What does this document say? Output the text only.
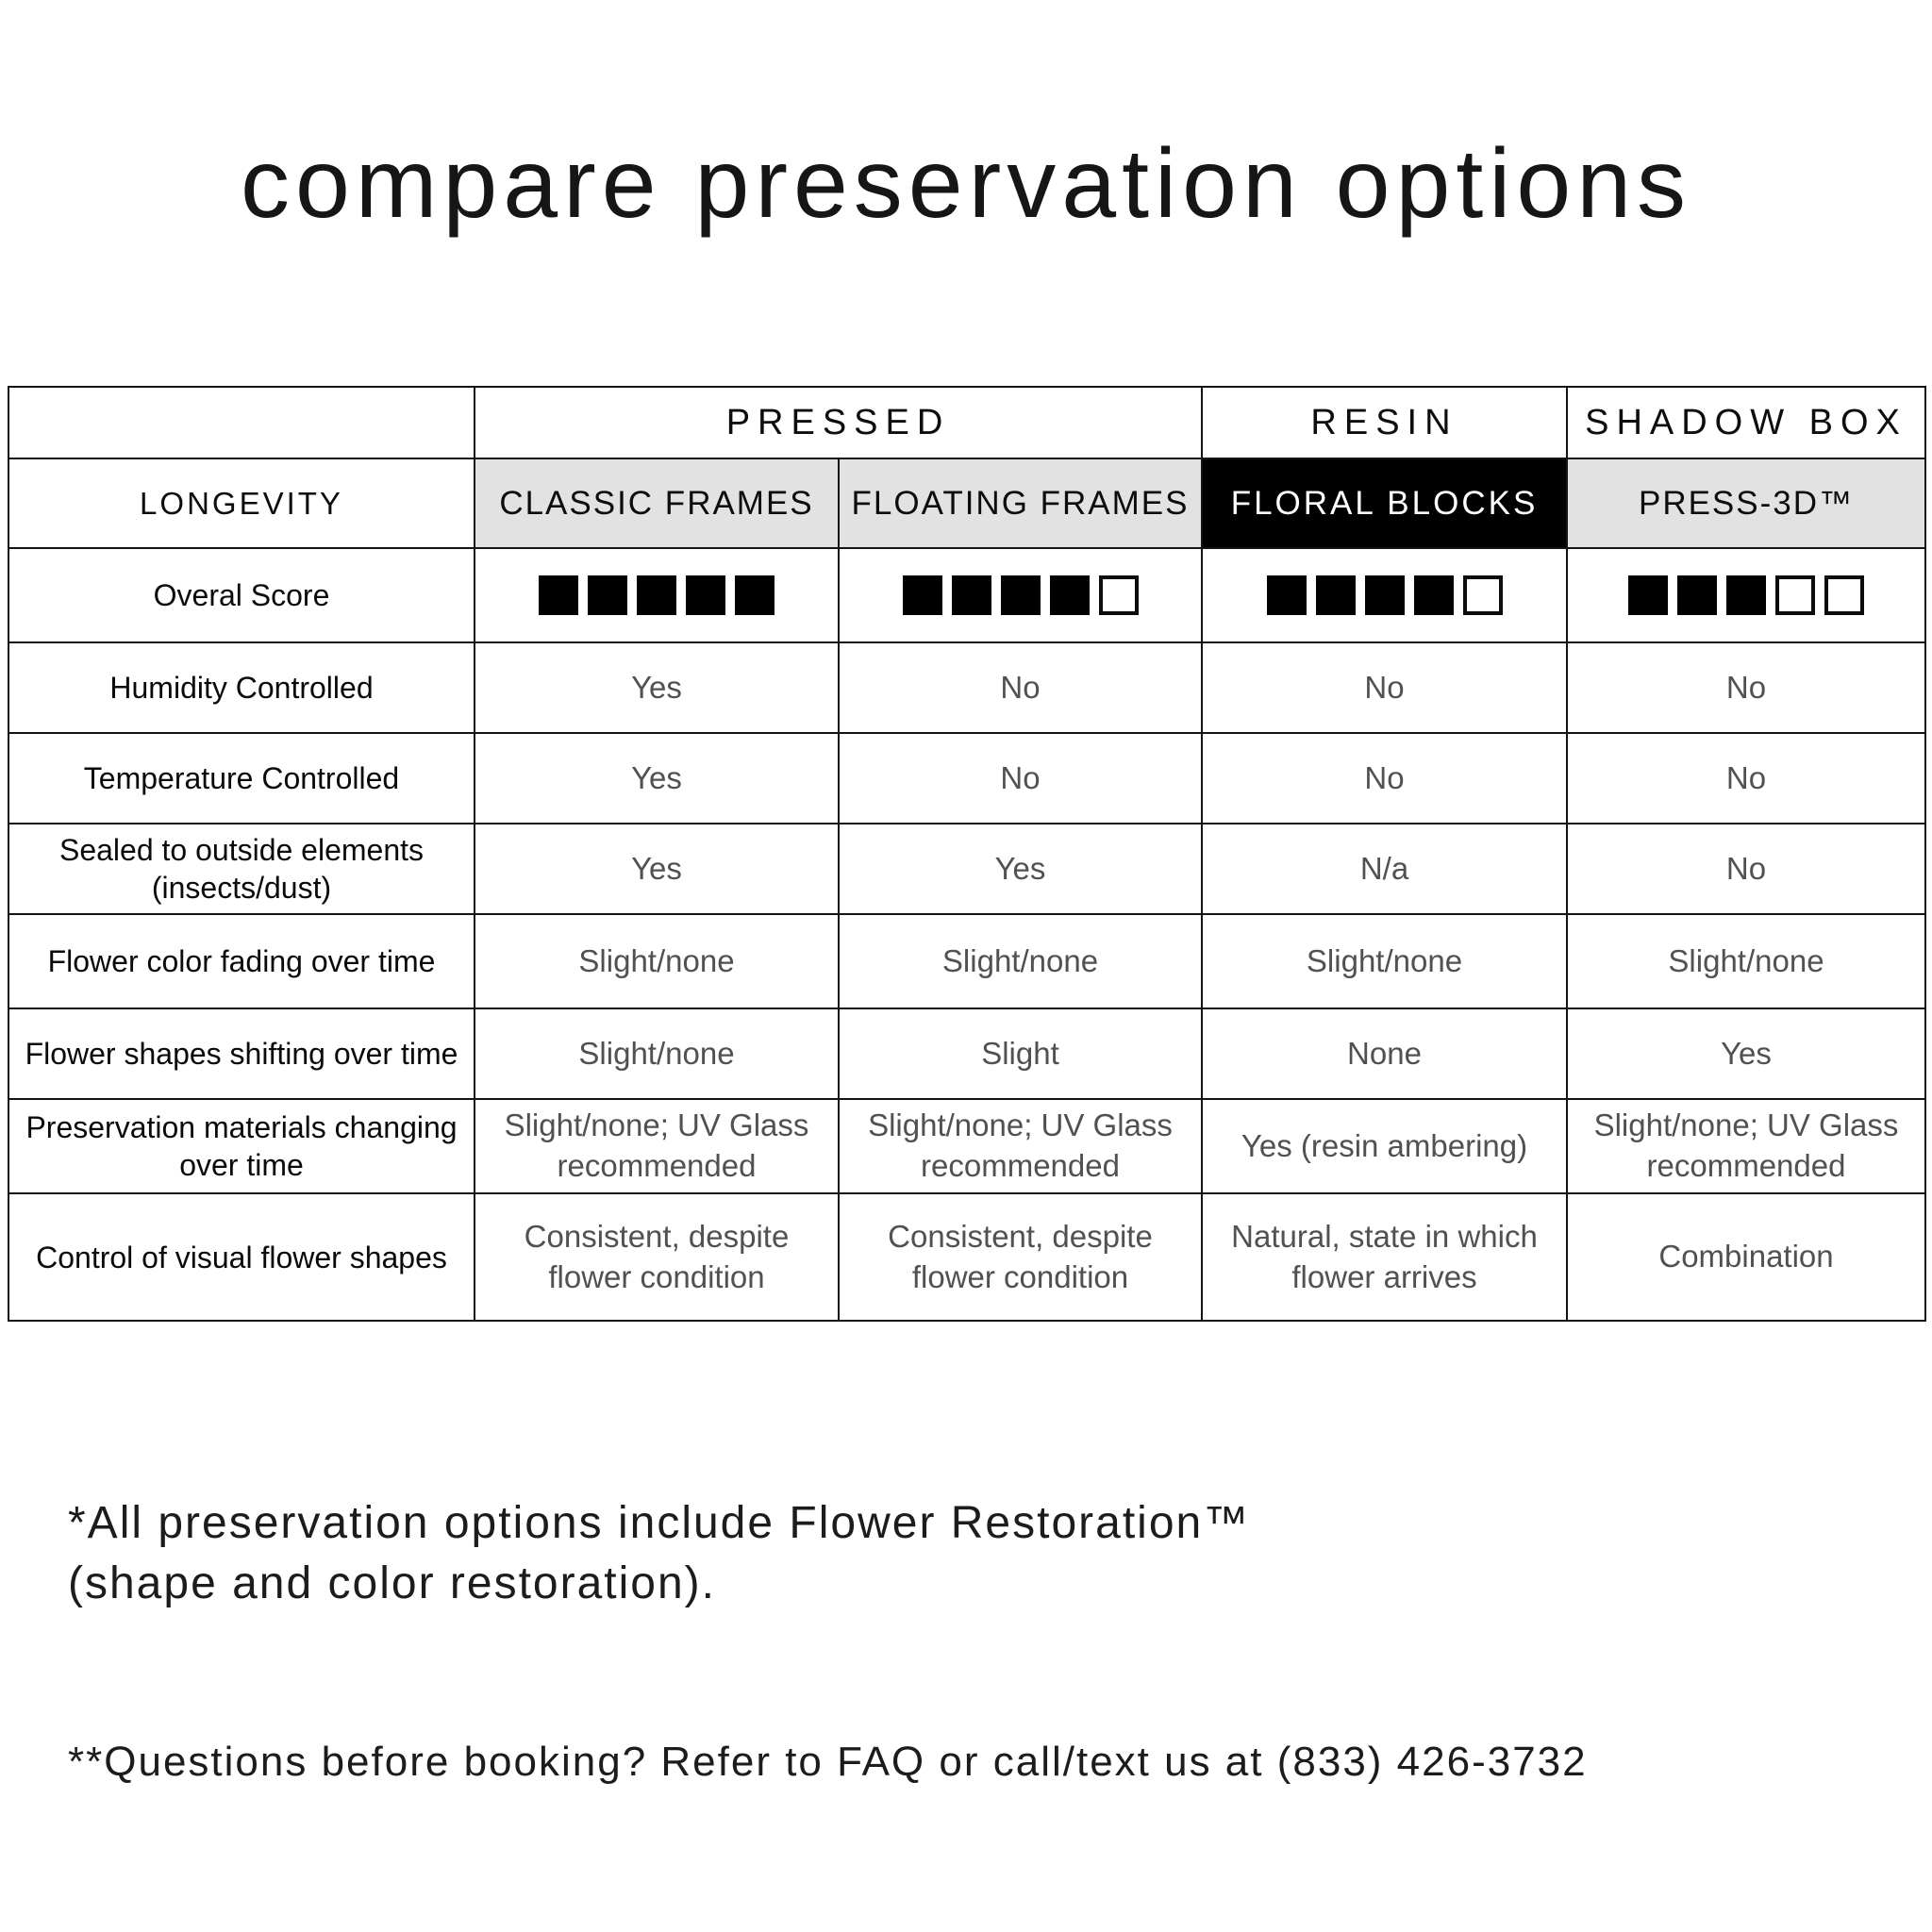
compare preservation options
	PRESSED		RESIN	SHADOW BOX
LONGEVITY	CLASSIC FRAMES	FLOATING FRAMES	FLORAL BLOCKS	PRESS-3D™
Overal Score	

Humidity Controlled	Yes	No	No	No
Temperature Controlled	Yes	No	No	No
Sealed to outside elements (insects/dust)	Yes	Yes	N/a	No
Flower color fading over time	Slight/none	Slight/none	Slight/none	Slight/none
Flower shapes shifting over time	Slight/none	Slight	None	Yes
Preservation materials changing over time	Slight/none; UV Glass recommended	Slight/none; UV Glass recommended	Yes (resin ambering)	Slight/none; UV Glass recommended
Control of visual flower shapes	Consistent, despite flower condition	Consistent, despite flower condition	Natural, state in which flower arrives	Combination
*All preservation options include Flower Restoration™
(shape and color restoration).
**Questions before booking? Refer to FAQ or call/text us at (833) 426-3732
